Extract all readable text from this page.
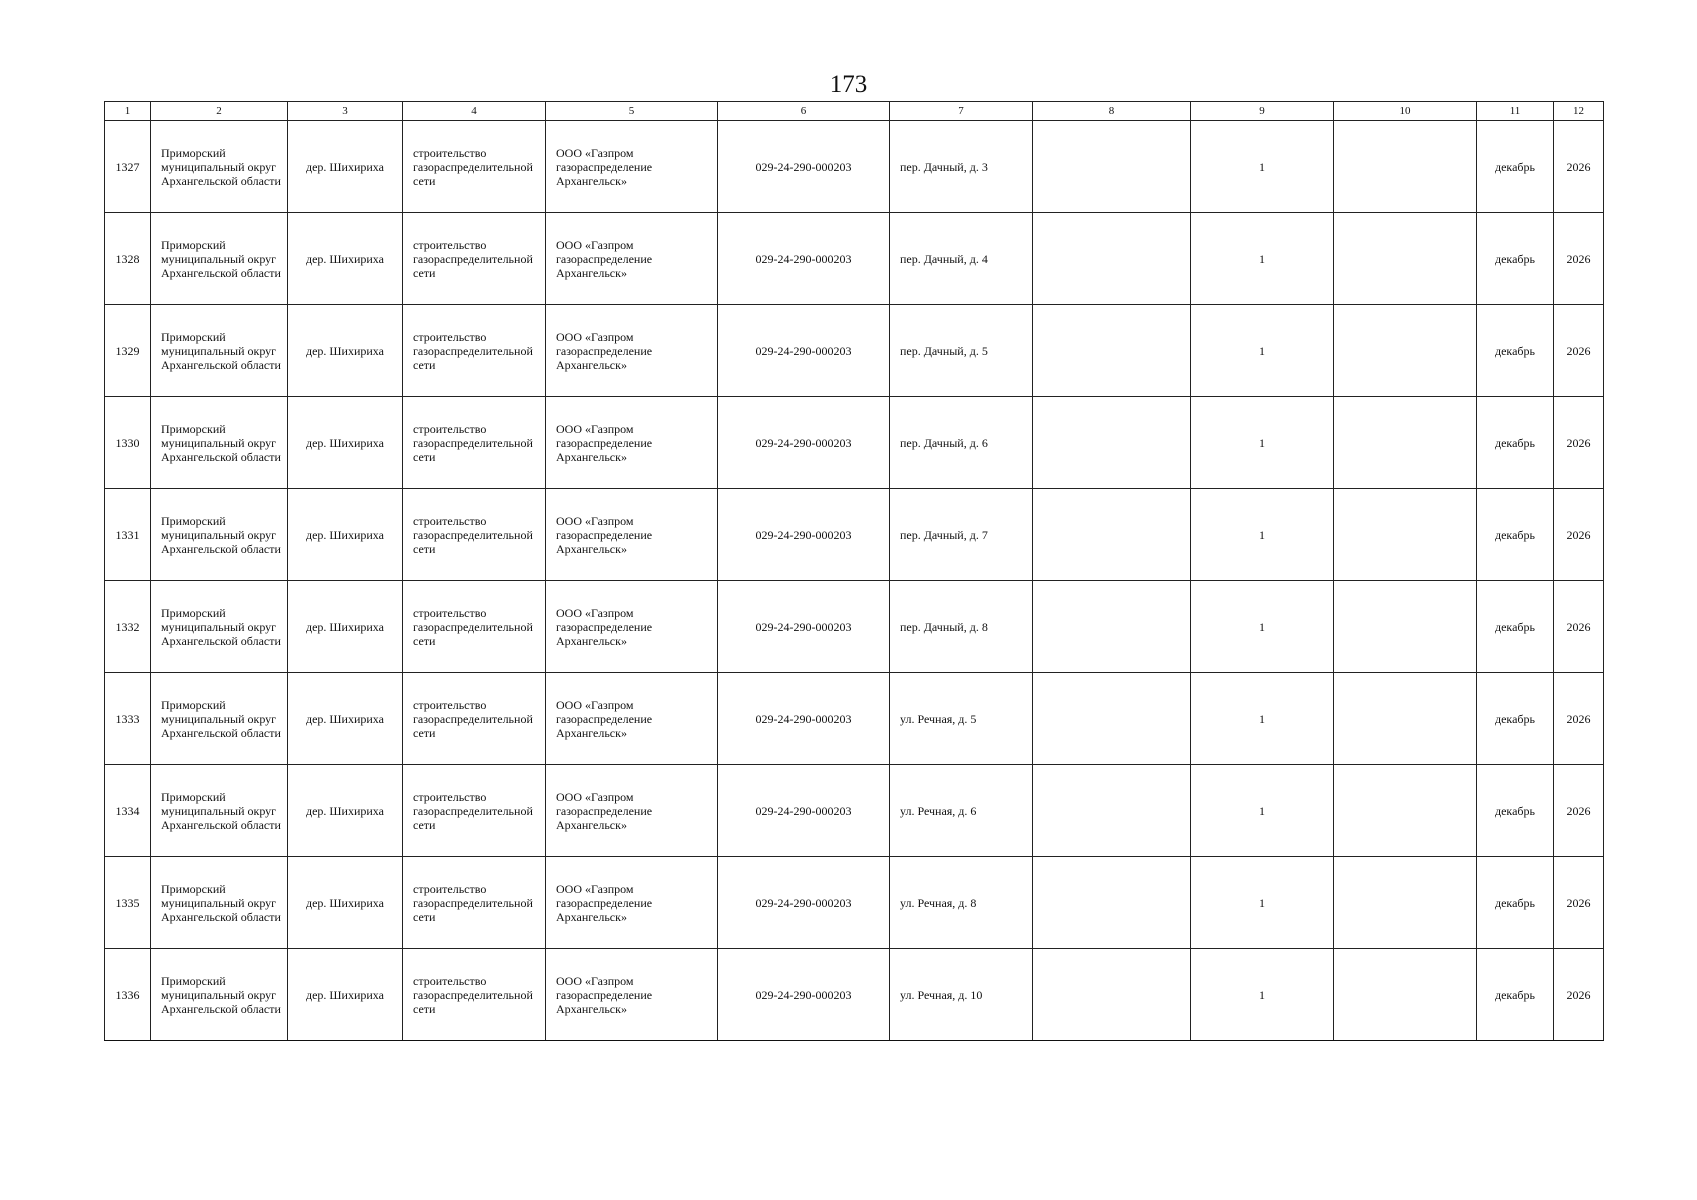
173
1	2	3	4	5	6	7	8	9	10	11	12
1327	Приморский муниципальный округ Архангельской области	дер. Шихириха	строительство газораспределительной сети	ООО «Газпром газораспределение Архангельск»	029-24-290-000203	пер. Дачный, д. 3		1		декабрь	2026
1328	Приморский муниципальный округ Архангельской области	дер. Шихириха	строительство газораспределительной сети	ООО «Газпром газораспределение Архангельск»	029-24-290-000203	пер. Дачный, д. 4		1		декабрь	2026
1329	Приморский муниципальный округ Архангельской области	дер. Шихириха	строительство газораспределительной сети	ООО «Газпром газораспределение Архангельск»	029-24-290-000203	пер. Дачный, д. 5		1		декабрь	2026
1330	Приморский муниципальный округ Архангельской области	дер. Шихириха	строительство газораспределительной сети	ООО «Газпром газораспределение Архангельск»	029-24-290-000203	пер. Дачный, д. 6		1		декабрь	2026
1331	Приморский муниципальный округ Архангельской области	дер. Шихириха	строительство газораспределительной сети	ООО «Газпром газораспределение Архангельск»	029-24-290-000203	пер. Дачный, д. 7		1		декабрь	2026
1332	Приморский муниципальный округ Архангельской области	дер. Шихириха	строительство газораспределительной сети	ООО «Газпром газораспределение Архангельск»	029-24-290-000203	пер. Дачный, д. 8		1		декабрь	2026
1333	Приморский муниципальный округ Архангельской области	дер. Шихириха	строительство газораспределительной сети	ООО «Газпром газораспределение Архангельск»	029-24-290-000203	ул. Речная, д. 5		1		декабрь	2026
1334	Приморский муниципальный округ Архангельской области	дер. Шихириха	строительство газораспределительной сети	ООО «Газпром газораспределение Архангельск»	029-24-290-000203	ул. Речная, д. 6		1		декабрь	2026
1335	Приморский муниципальный округ Архангельской области	дер. Шихириха	строительство газораспределительной сети	ООО «Газпром газораспределение Архангельск»	029-24-290-000203	ул. Речная, д. 8		1		декабрь	2026
1336	Приморский муниципальный округ Архангельской области	дер. Шихириха	строительство газораспределительной сети	ООО «Газпром газораспределение Архангельск»	029-24-290-000203	ул. Речная, д. 10		1		декабрь	2026
